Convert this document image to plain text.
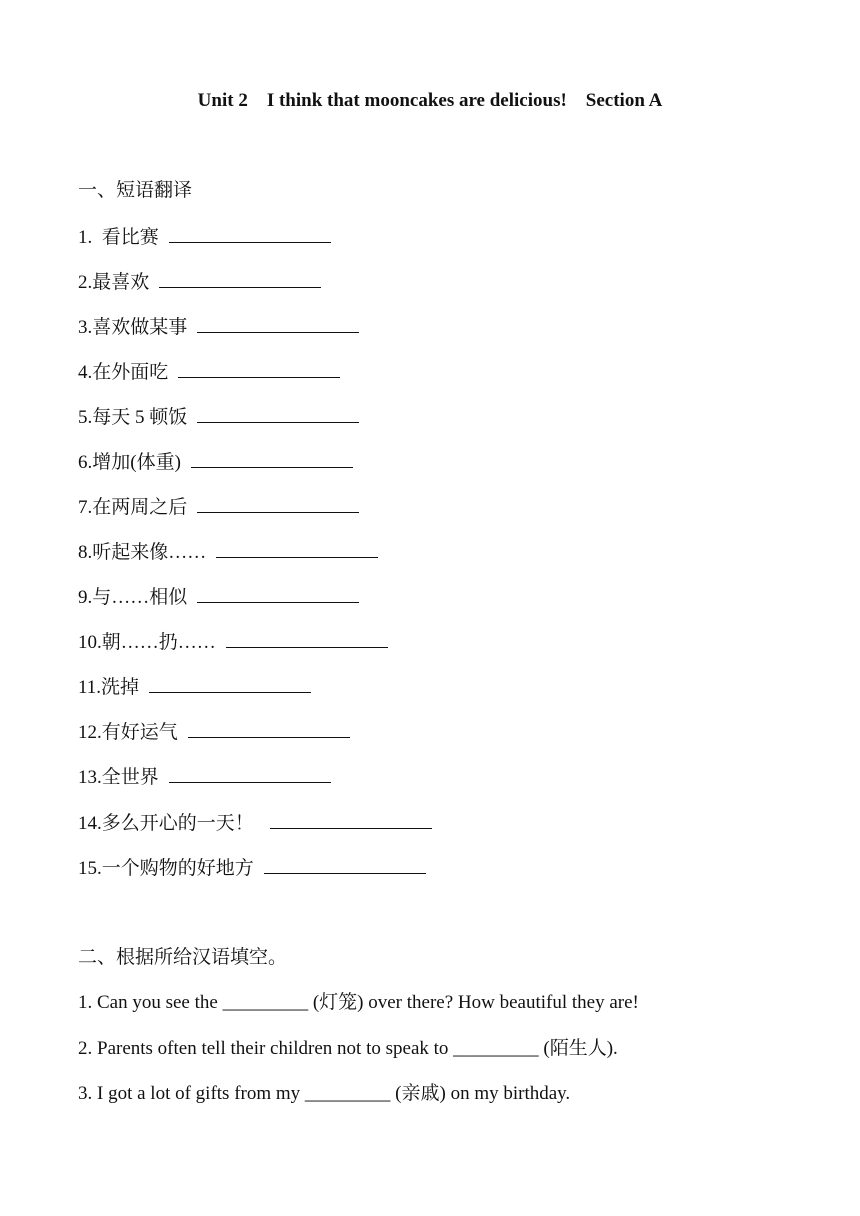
Unit 2    I think that mooncakes are delicious!    Section A
一、短语翻译
1.  看比赛
2.最喜欢
3.喜欢做某事
4.在外面吃
5.每天 5 顿饭
6.增加(体重)
7.在两周之后
8.听起来像……
9.与……相似
10.朝……扔……
11.洗掉
12.有好运气
13.全世界
14.多么开心的一天！
15.一个购物的好地方
二、根据所给汉语填空。
1. Can you see the _________ (灯笼) over there? How beautiful they are!
2. Parents often tell their children not to speak to _________ (陌生人).
3. I got a lot of gifts from my _________ (亲戚) on my birthday.
